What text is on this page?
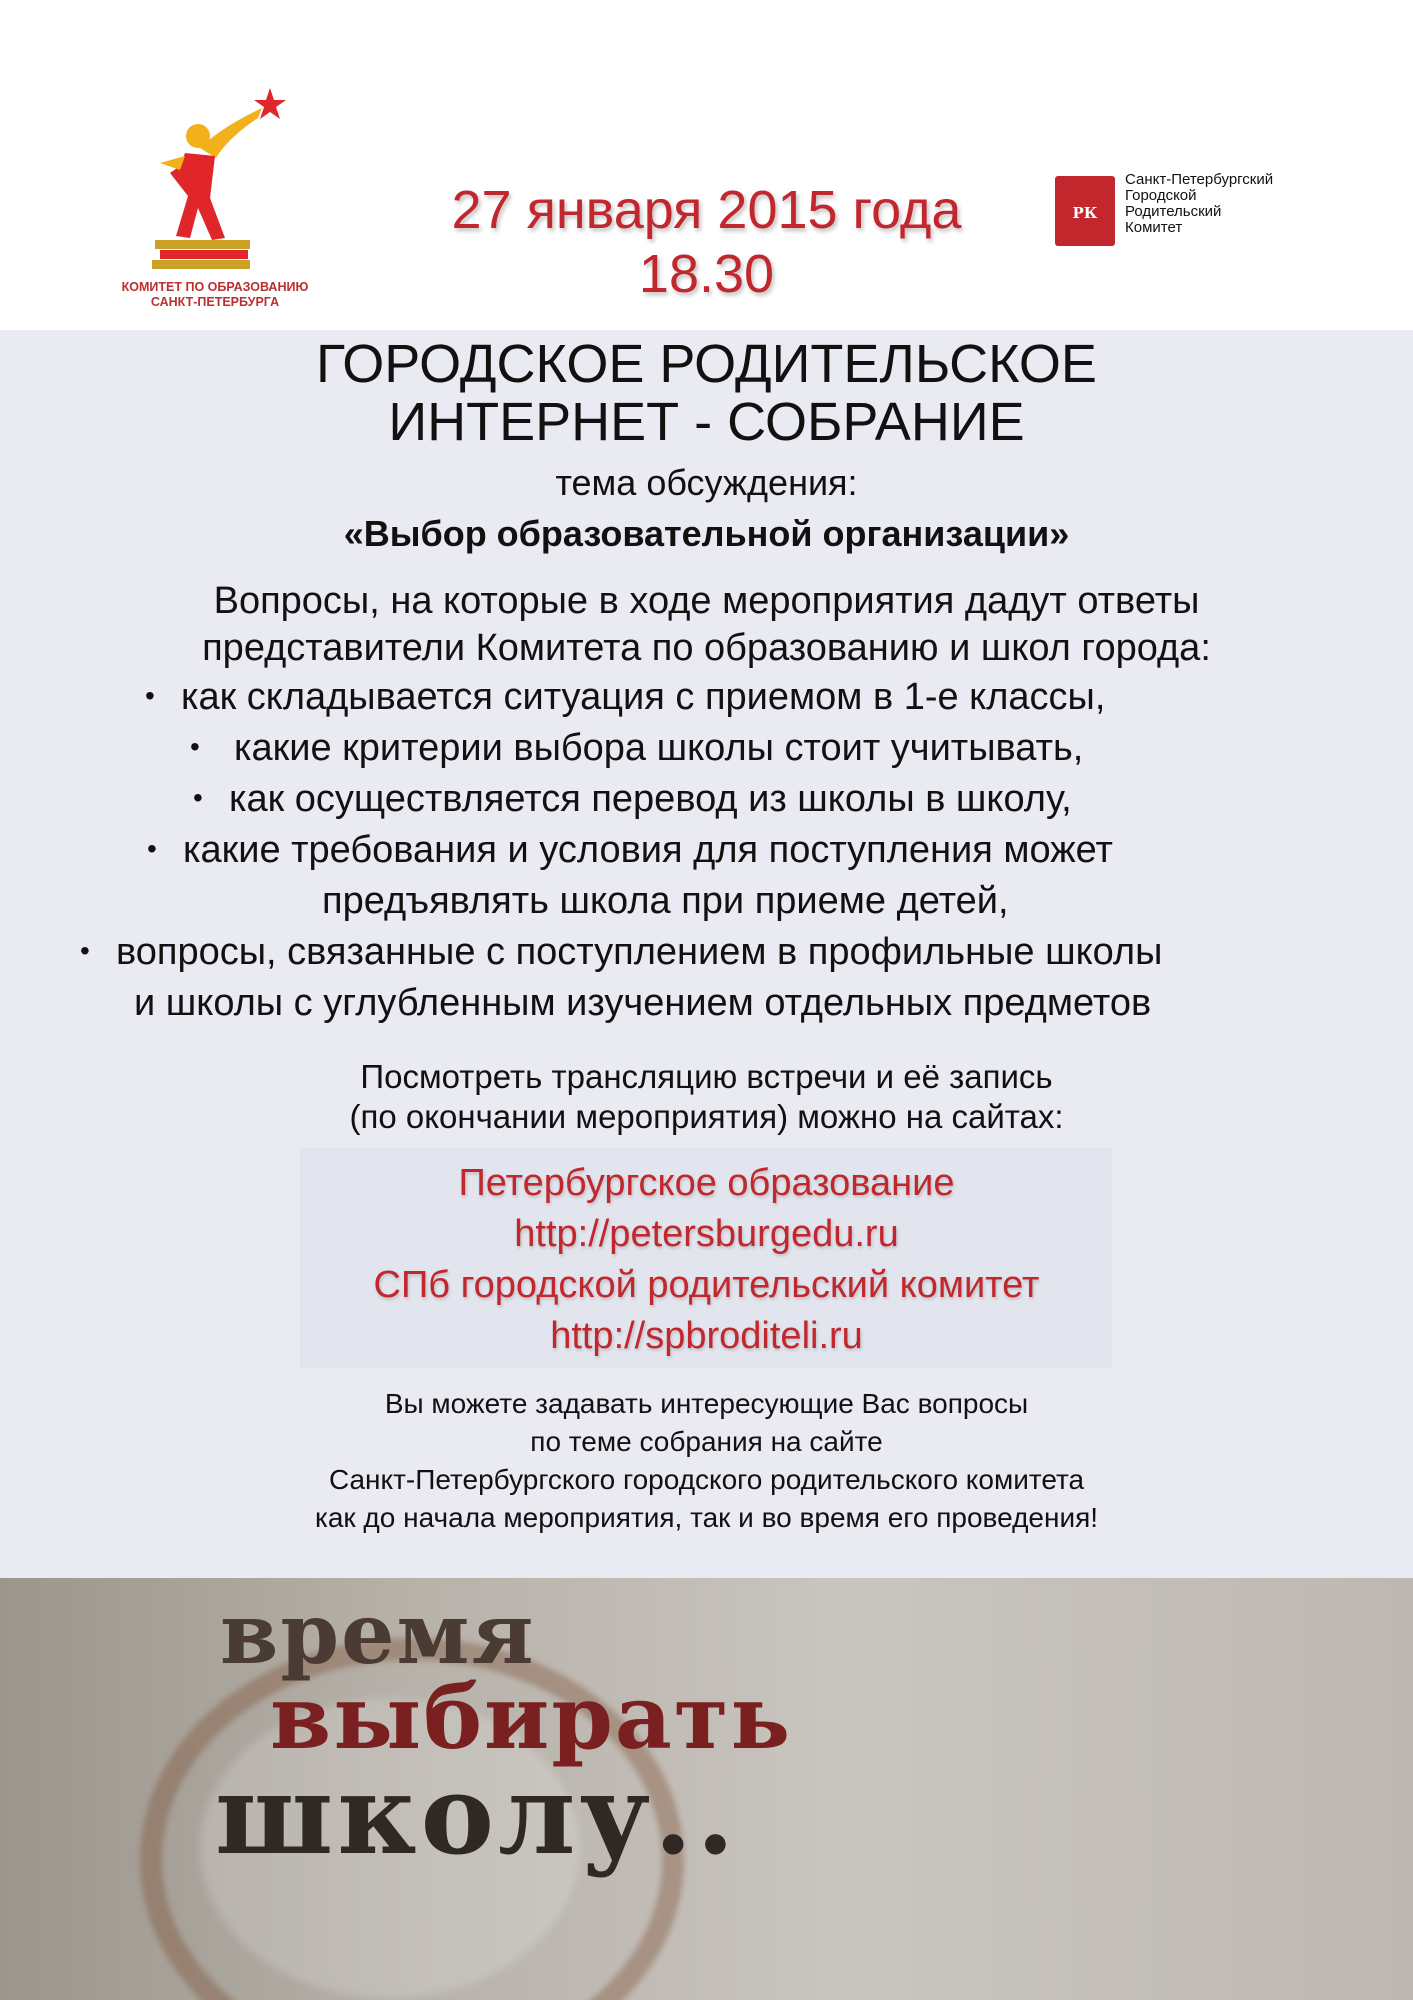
КОМИТЕТ ПО ОБРАЗОВАНИЮ
САНКТ-ПЕТЕРБУРГА
27 января 2015 года
18.30
РК
Санкт-Петербургский
Городской
Родительский
Комитет
ГОРОДСКОЕ РОДИТЕЛЬСКОЕ
ИНТЕРНЕТ - СОБРАНИЕ
тема обсуждения:
«Выбор образовательной организации»
Вопросы, на которые в ходе мероприятия дадут ответы
представители Комитета по образованию и школ города:
• как складывается ситуация с приемом в 1-е классы,
• какие критерии выбора школы стоит учитывать,
• как осуществляется перевод из школы в школу,
• какие требования и условия для поступления может
предъявлять школа при приеме детей,
• вопросы, связанные с поступлением в профильные школы
и школы с углубленным изучением отдельных предметов
Посмотреть трансляцию встречи и её запись
(по окончании мероприятия) можно на сайтах:
Петербургское образование
http://petersburgedu.ru
СПб городской родительский комитет
http://spbroditeli.ru
Вы можете задавать интересующие Вас вопросы
по теме собрания на сайте
Санкт-Петербургского городского родительского комитета
как до начала мероприятия, так и во время его проведения!
время
выбирать
школу..
